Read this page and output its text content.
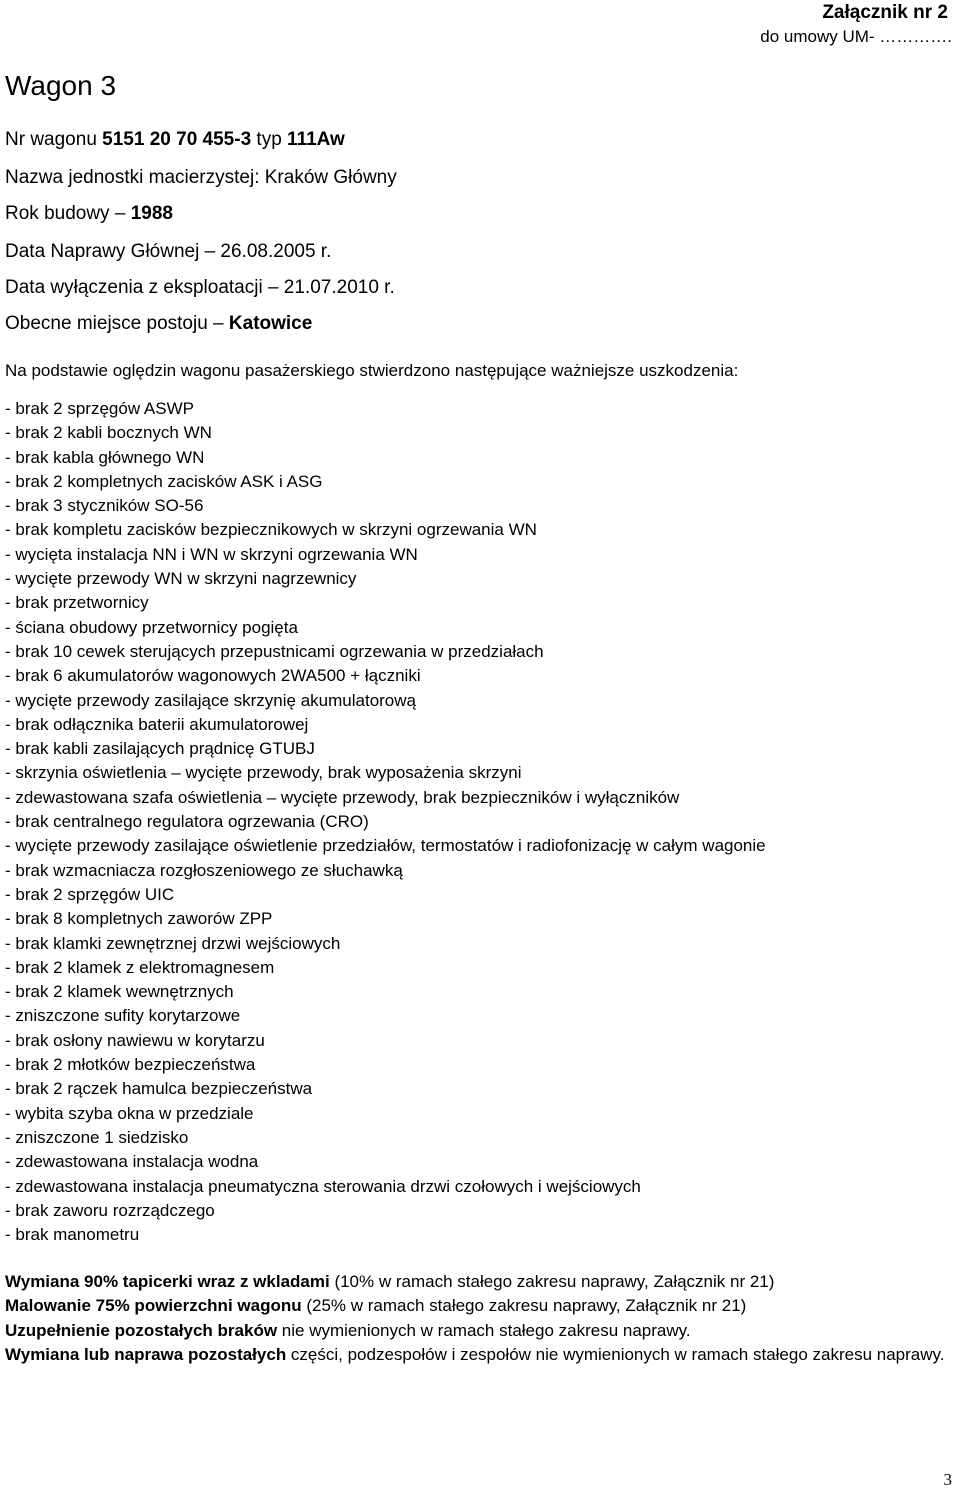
Załącznik nr 2
do umowy UM- ………….
Wagon 3
Nr wagonu 5151 20 70 455-3 typ 111Aw
Nazwa jednostki macierzystej: Kraków Główny
Rok budowy – 1988
Data Naprawy Głównej – 26.08.2005 r.
Data wyłączenia z eksploatacji – 21.07.2010 r.
Obecne miejsce postoju – Katowice
Na podstawie oględzin wagonu pasażerskiego stwierdzono następujące ważniejsze uszkodzenia:
- brak 2 sprzęgów ASWP
- brak 2 kabli bocznych WN
- brak kabla głównego WN
- brak 2 kompletnych zacisków ASK i ASG
- brak 3 styczników SO-56
- brak kompletu zacisków bezpiecznikowych w skrzyni ogrzewania WN
- wycięta instalacja NN i WN w skrzyni ogrzewania WN
- wycięte przewody WN w skrzyni nagrzewnicy
- brak przetwornicy
- ściana obudowy przetwornicy pogięta
- brak 10 cewek sterujących przepustnicami ogrzewania w przedziałach
- brak 6 akumulatorów wagonowych 2WA500 + łączniki
- wycięte przewody zasilające skrzynię akumulatorową
- brak odłącznika baterii akumulatorowej
- brak kabli zasilających prądnicę GTUBJ
- skrzynia oświetlenia – wycięte przewody, brak wyposażenia skrzyni
- zdewastowana szafa oświetlenia – wycięte przewody, brak bezpieczników i wyłączników
- brak centralnego regulatora ogrzewania (CRO)
- wycięte przewody zasilające oświetlenie przedziałów, termostatów i radiofonizację w całym wagonie
- brak wzmacniacza rozgłoszeniowego ze słuchawką
- brak 2 sprzęgów UIC
- brak 8 kompletnych zaworów ZPP
- brak klamki zewnętrznej drzwi wejściowych
- brak 2 klamek z elektromagnesem
- brak 2 klamek wewnętrznych
- zniszczone sufity korytarzowe
- brak osłony nawiewu w korytarzu
- brak 2 młotków bezpieczeństwa
- brak 2 rączek hamulca bezpieczeństwa
- wybita szyba okna w przedziale
- zniszczone 1 siedzisko
- zdewastowana instalacja wodna
- zdewastowana instalacja pneumatyczna sterowania drzwi czołowych i wejściowych
- brak zaworu rozrządczego
- brak manometru
Wymiana 90% tapicerki wraz z wkladami (10% w ramach stałego zakresu naprawy, Załącznik nr 21)
Malowanie 75% powierzchni wagonu (25% w ramach stałego zakresu naprawy, Załącznik nr 21)
Uzupełnienie pozostałych braków nie wymienionych w ramach stałego zakresu naprawy.
Wymiana lub naprawa pozostałych części, podzespołów i zespołów nie wymienionych w ramach stałego zakresu naprawy.
3
